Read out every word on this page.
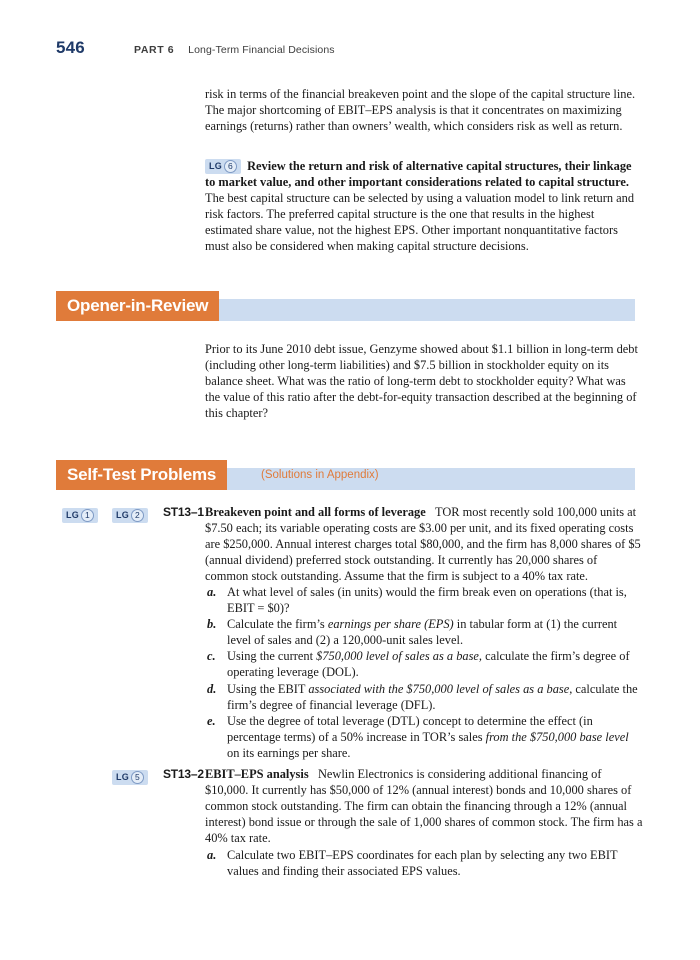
546	PART 6 Long-Term Financial Decisions

risk in terms of the financial breakeven point and the slope of the capital structure line. The major shortcoming of EBIT–EPS analysis is that it concentrates on maximizing earnings (returns) rather than owners’ wealth, which considers risk as well as return.

LG 6 Review the return and risk of alternative capital structures, their linkage to market value, and other important considerations related to capital structure. The best capital structure can be selected by using a valuation model to link return and risk factors. The preferred capital structure is the one that results in the highest estimated share value, not the highest EPS. Other important nonquantitative factors must also be considered when making capital structure decisions.

Opener-in-Review

Prior to its June 2010 debt issue, Genzyme showed about $1.1 billion in long-term debt (including other long-term liabilities) and $7.5 billion in stockholder equity on its balance sheet. What was the ratio of long-term debt to stockholder equity? What was the value of this ratio after the debt-for-equity transaction described at the beginning of this chapter?

Self-Test Problems	(Solutions in Appendix)
LG 1	LG 2	ST13–1 Breakeven point and all forms of leverage TOR most recently sold 100,000 units at $7.50 each; its variable operating costs are $3.00 per unit, and its fixed operating costs are $250,000. Annual interest charges total $80,000, and the firm has 8,000 shares of $5 (annual dividend) preferred stock outstanding. It currently has 20,000 shares of common stock outstanding. Assume that the firm is subject to a 40% tax rate.

a. At what level of sales (in units) would the firm break even on operations (that is, EBIT = $0)?

b. Calculate the firm’s earnings per share (EPS) in tabular form at (1) the current level of sales and (2) a 120,000-unit sales level.

c. Using the current $750,000 level of sales as a base, calculate the firm’s degree of operating leverage (DOL).

d. Using the EBIT associated with the $750,000 level of sales as a base, calculate the firm’s degree of financial leverage (DFL).

e. Use the degree of total leverage (DTL) concept to determine the effect (in percentage terms) of a 50% increase in TOR’s sales from the $750,000 base level on its earnings per share.

LG 5	ST13–2 EBIT–EPS analysis Newlin Electronics is considering additional financing of $10,000. It currently has $50,000 of 12% (annual interest) bonds and 10,000 shares of common stock outstanding. The firm can obtain the financing through a 12% (annual interest) bond issue or through the sale of 1,000 shares of common stock. The firm has a 40% tax rate.

a. Calculate two EBIT–EPS coordinates for each plan by selecting any two EBIT values and finding their associated EPS values.
